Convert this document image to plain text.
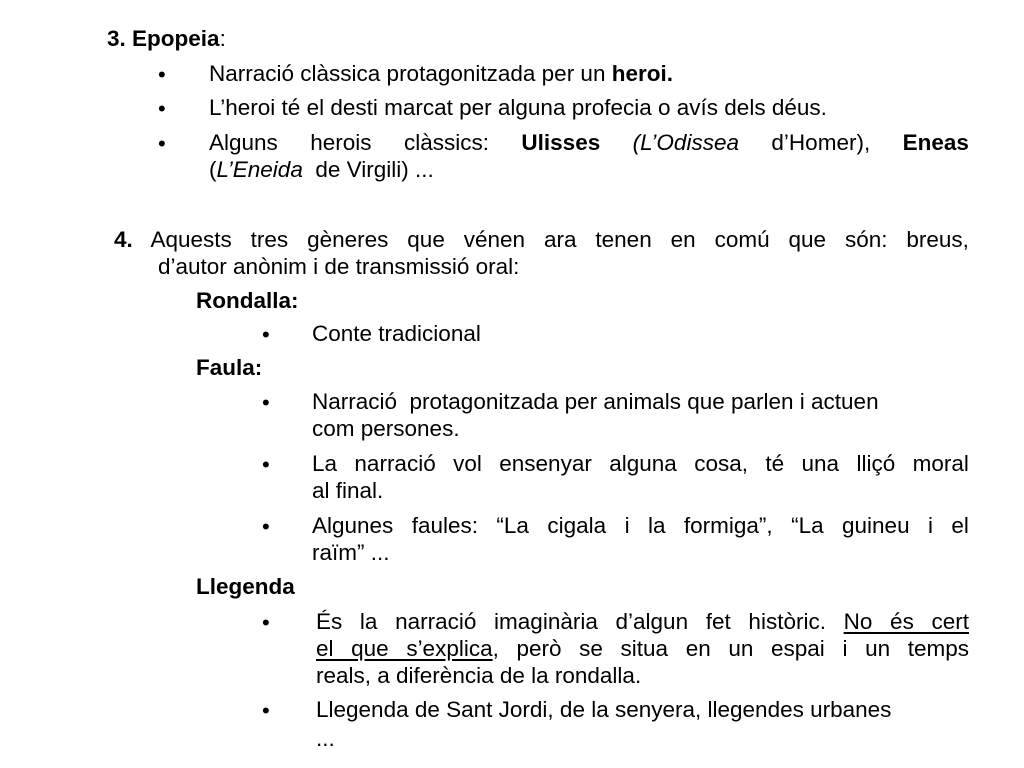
3. Epopeia:
• Narració clàssica protagonitzada per un heroi.
• L’heroi té el desti marcat per alguna profecia o avís dels déus.
• Alguns herois clàssics: Ulisses (L’Odissea d’Homer), Eneas
(L’Eneida  de Virgili) ...
4. Aquests tres gèneres que vénen ara tenen en comú que són: breus,
d’autor anònim i de transmissió oral:
Rondalla:
• Conte tradicional
Faula:
• Narració  protagonitzada per animals que parlen i actuen
com persones.
• La narració vol ensenyar alguna cosa, té una lliçó moral
al final.
• Algunes faules: “La cigala i la formiga”, “La guineu i el
raïm” ...
Llegenda
• És la narració imaginària d’algun fet històric. No és cert
el que s’explica, però se situa en un espai i un temps
reals, a diferència de la rondalla.
• Llegenda de Sant Jordi, de la senyera, llegendes urbanes
...
